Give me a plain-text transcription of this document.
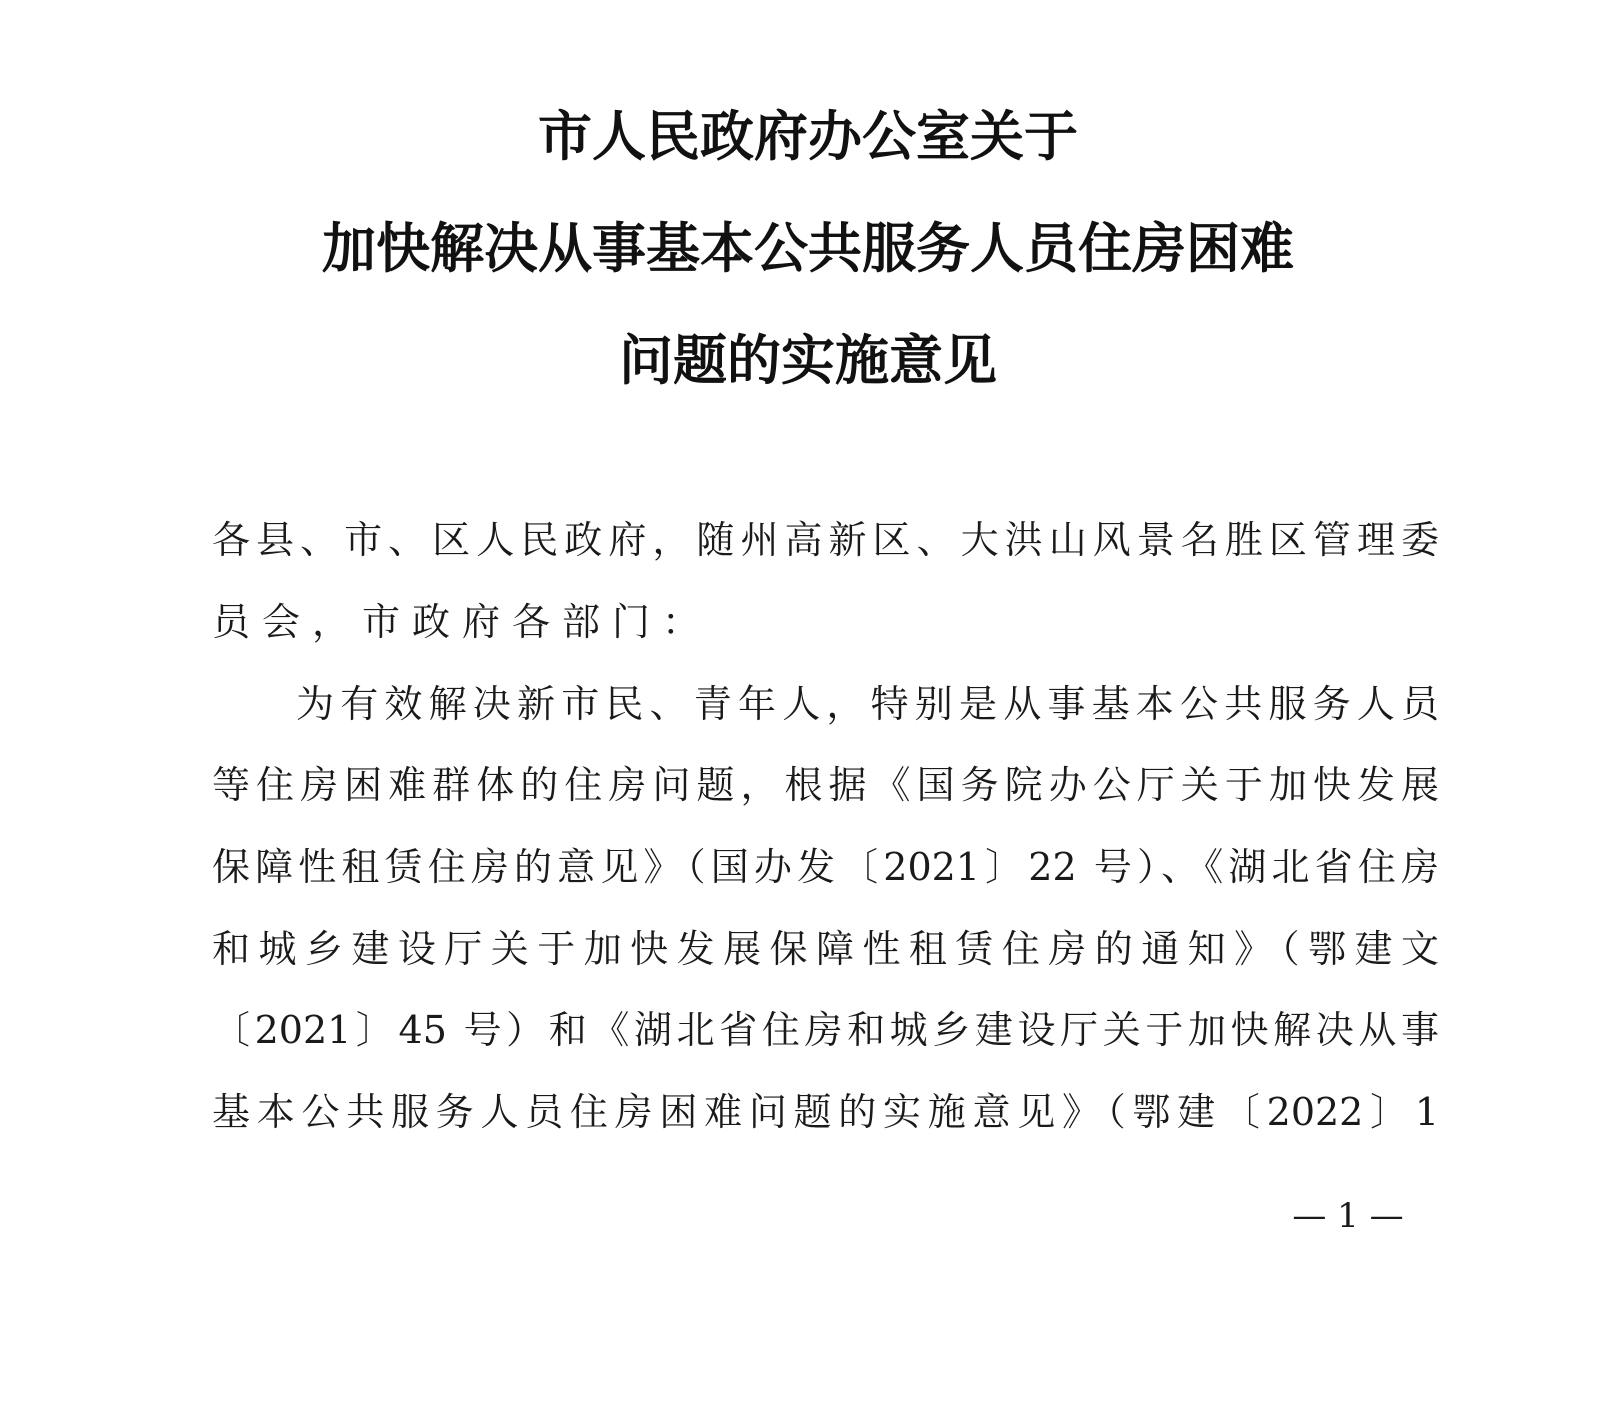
市人民政府办公室关于
加快解决从事基本公共服务人员住房困难
问题的实施意见
各县、市、区人民政府，随州高新区、大洪山风景名胜区管理委
员会，市政府各部门：
为有效解决新市民、青年人，特别是从事基本公共服务人员
等住房困难群体的住房问题，根据《国务院办公厅关于加快发展
保障性租赁住房的意见》（国办发〔2021〕22 号）、《湖北省住房
和城乡建设厅关于加快发展保障性租赁住房的通知》（鄂建文
〔2021〕45 号）和《湖北省住房和城乡建设厅关于加快解决从事
基本公共服务人员住房困难问题的实施意见》（鄂建〔2022〕1
— 1 —
